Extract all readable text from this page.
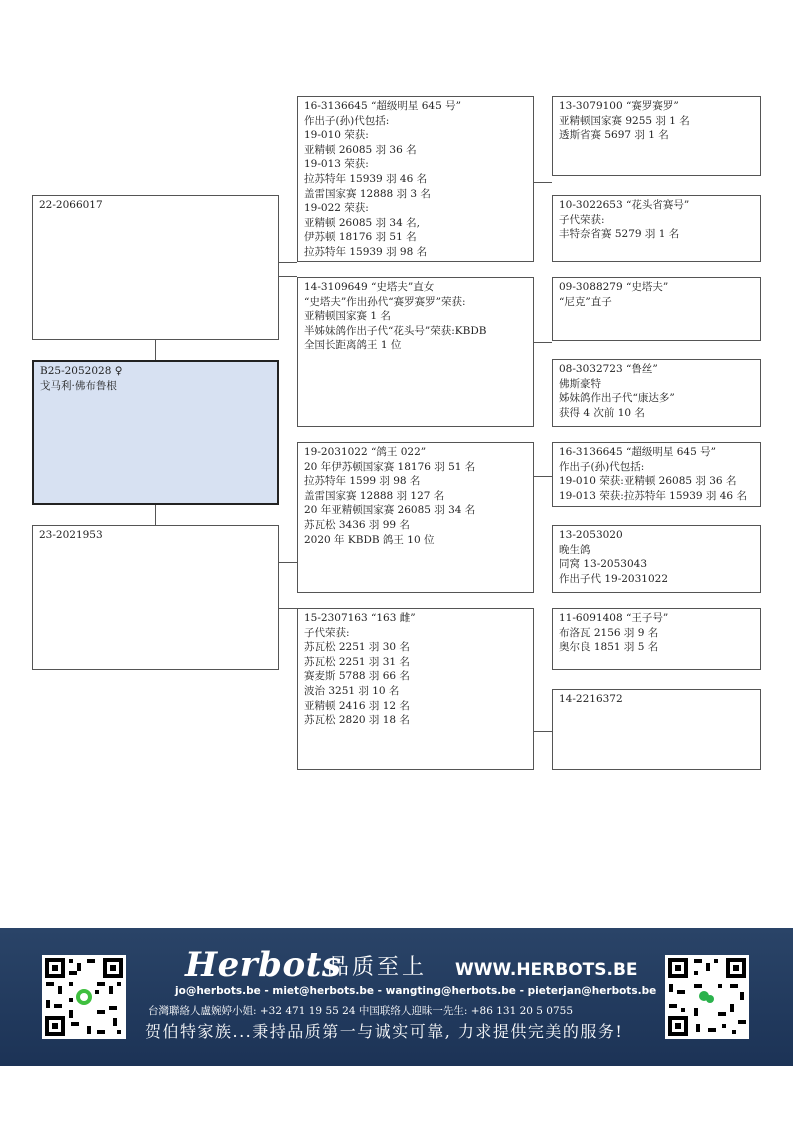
B25-2052028 ♀
戈马利·佛布鲁根
22-2066017
23-2021953
16-3136645 “超级明星 645 号”
作出子(孙)代包括:
19-010 荣获:
亚精顿 26085 羽 36 名
19-013 荣获:
拉苏特年 15939 羽 46 名
盖雷国家赛 12888 羽 3 名
19-022 荣获:
亚精顿 26085 羽 34 名,
伊苏顿 18176 羽 51 名
拉苏特年 15939 羽 98 名
14-3109649 “史塔夫”直女
“史塔夫”作出孙代“赛罗赛罗”荣获:
亚精顿国家赛 1 名
半姊妹鸽作出子代“花头号”荣获:KBDB
全国长距离鸽王 1 位
19-2031022 “鸽王 022”
20 年伊苏顿国家赛 18176 羽 51 名
拉苏特年 1599 羽 98 名
盖雷国家赛 12888 羽 127 名
20 年亚精顿国家赛 26085 羽 34 名
苏瓦松 3436 羽 99 名
2020 年 KBDB 鸽王 10 位
15-2307163 “163 雌”
子代荣获:
苏瓦松 2251 羽 30 名
苏瓦松 2251 羽 31 名
赛麦斯 5788 羽 66 名
波治 3251 羽 10 名
亚精顿 2416 羽 12 名
苏瓦松 2820 羽 18 名
13-3079100 “赛罗赛罗”
亚精顿国家赛 9255 羽 1 名
透斯省赛 5697 羽 1 名
10-3022653 “花头省赛号”
子代荣获:
丰特奈省赛 5279 羽 1 名
09-3088279 “史塔夫”
“尼克”直子
08-3032723 “鲁丝”
佛斯豪特
姊妹鸽作出子代“康达多”
获得 4 次前 10 名
16-3136645 “超级明星 645 号”
作出子(孙)代包括:
19-010 荣获:亚精顿 26085 羽 36 名
19-013 荣获:拉苏特年 15939 羽 46 名
13-2053020
晚生鸽
同窝 13-2053043
作出子代 19-2031022
11-6091408 “王子号”
布洛瓦 2156 羽 9 名
奥尔良 1851 羽 5 名
14-2216372
Herbots
品质至上 WWW.HERBOTS.BE
jo@herbots.be - miet@herbots.be - wangting@herbots.be - pieterjan@herbots.be
台灣聯絡人盧婉婷小姐: +32 471 19 55 24 中国联络人迎昧一先生: +86 131 20 5 0755
贺伯特家族...秉持品质第一与诚实可靠, 力求提供完美的服务!
